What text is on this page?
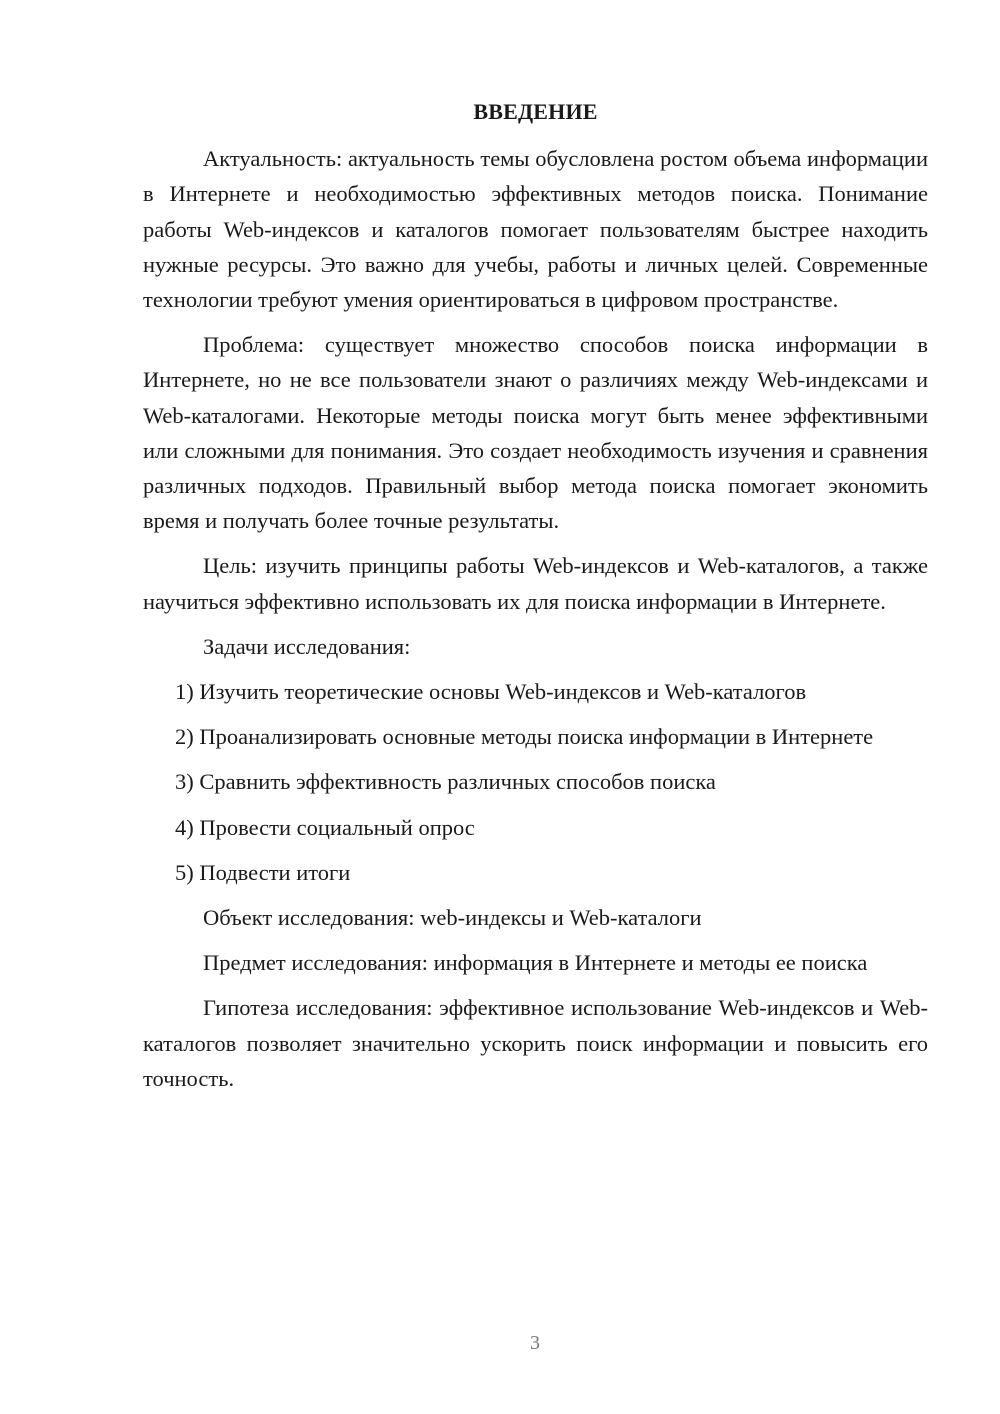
ВВЕДЕНИЕ

Актуальность: актуальность темы обусловлена ростом объема информации в Интернете и необходимостью эффективных методов поиска. Понимание работы Web-индексов и каталогов помогает пользователям быстрее находить нужные ресурсы. Это важно для учебы, работы и личных целей. Современные технологии требуют умения ориентироваться в цифровом пространстве.

Проблема: существует множество способов поиска информации в Интернете, но не все пользователи знают о различиях между Web-индексами и Web-каталогами. Некоторые методы поиска могут быть менее эффективными или сложными для понимания. Это создает необходимость изучения и сравнения различных подходов. Правильный выбор метода поиска помогает экономить время и получать более точные результаты.

Цель: изучить принципы работы Web-индексов и Web-каталогов, а также научиться эффективно использовать их для поиска информации в Интернете.

Задачи исследования:

1) Изучить теоретические основы Web-индексов и Web-каталогов

2) Проанализировать основные методы поиска информации в Интернете

3) Сравнить эффективность различных способов поиска

4) Провести социальный опрос

5) Подвести итоги

Объект исследования: web-индексы и Web-каталоги

Предмет исследования: информация в Интернете и методы ее поиска

Гипотеза исследования: эффективное использование Web-индексов и Web-каталогов позволяет значительно ускорить поиск информации и повысить его точность.

3
